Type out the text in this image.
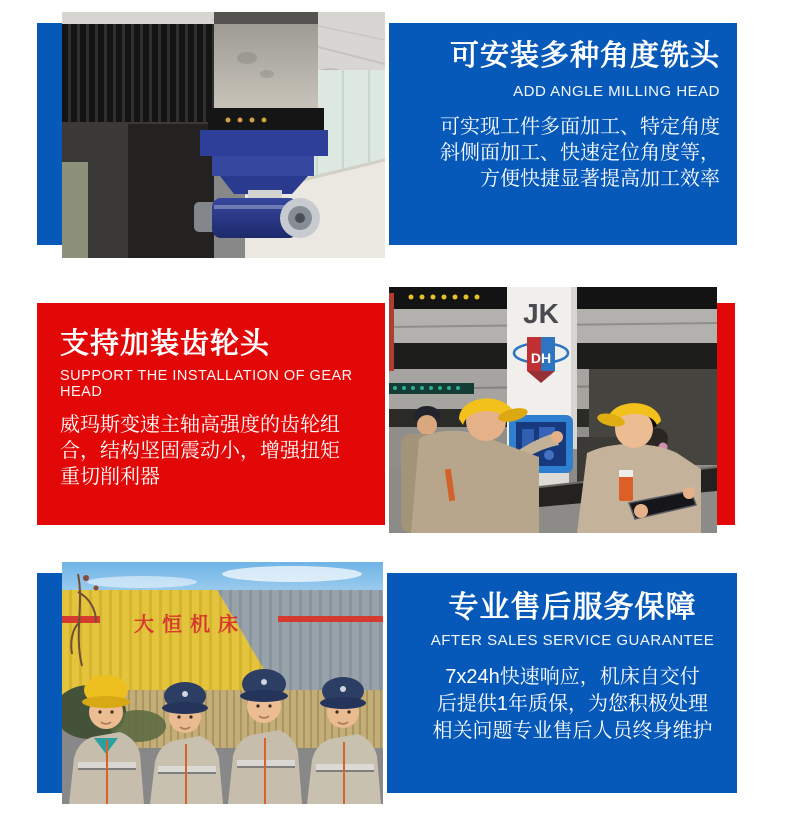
可安装多种角度铣头
ADD ANGLE MILLING HEAD
可实现工件多面加工、特定角度
斜侧面加工、快速定位角度等，
方便快捷显著提高加工效率
JK
DH
支持加装齿轮头
SUPPORT THE INSTALLATION OF GEAR HEAD
威玛斯变速主轴高强度的齿轮组
合，结构坚固震动小，增强扭矩
重切削利器
大恒机床
专业售后服务保障
AFTER SALES SERVICE GUARANTEE
7x24h快速响应，机床自交付
后提供1年质保，为您积极处理
相关问题专业售后人员终身维护
